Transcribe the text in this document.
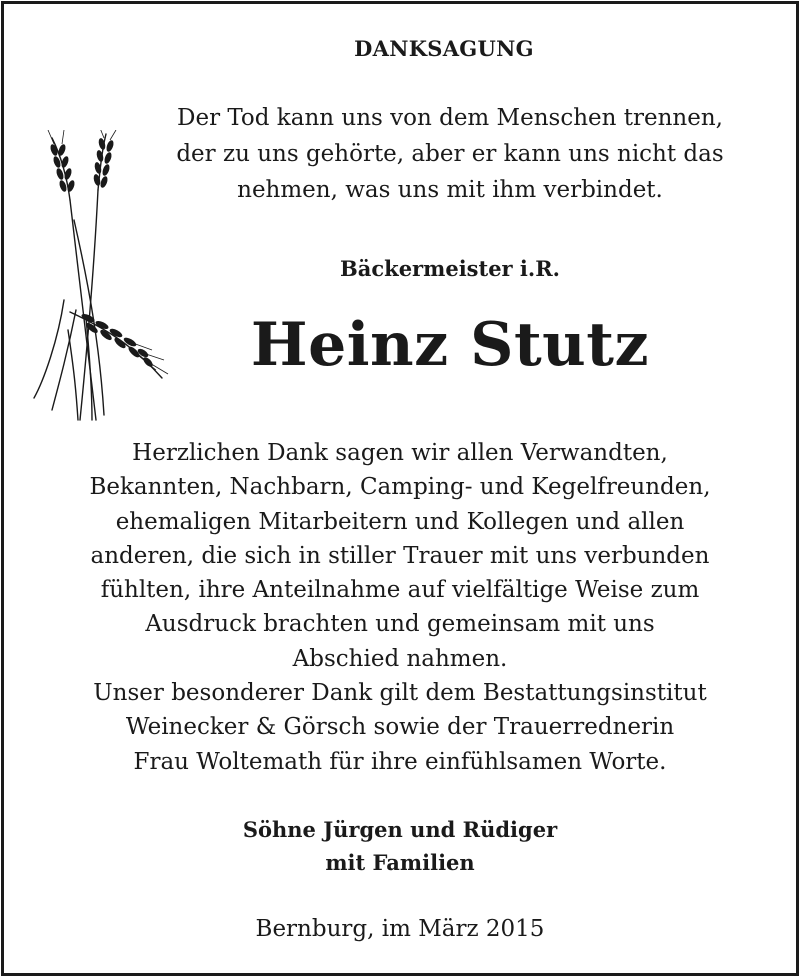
DANKSAGUNG
Der Tod kann uns von dem Menschen trennen,
der zu uns gehörte, aber er kann uns nicht das
nehmen, was uns mit ihm verbindet.
Bäckermeister i.R.
Heinz Stutz
Herzlichen Dank sagen wir allen Verwandten,
Bekannten, Nachbarn, Camping- und Kegelfreunden,
ehemaligen Mitarbeitern und Kollegen und allen
anderen, die sich in stiller Trauer mit uns verbunden
fühlten, ihre Anteilnahme auf vielfältige Weise zum
Ausdruck brachten und gemeinsam mit uns
Abschied nahmen.
Unser besonderer Dank gilt dem Bestattungsinstitut
Weinecker & Görsch sowie der Trauerrednerin
Frau Woltemath für ihre einfühlsamen Worte.
Söhne Jürgen und Rüdiger
mit Familien
Bernburg, im März 2015
